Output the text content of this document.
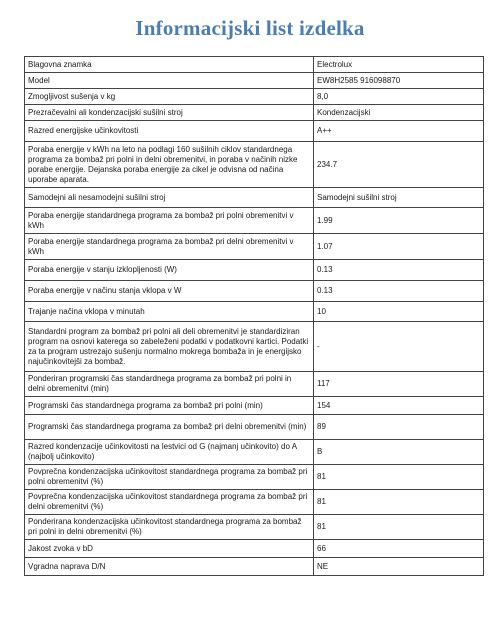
Informacijski list izdelka
Blagovna znamka	Electrolux
Model	EW8H2585 916098870
Zmogljivost sušenja v kg	8,0
Prezračevalni ali kondenzacijski sušilni stroj	Kondenzacijski
Razred energijske učinkovitosti	A++
Poraba energije v kWh na leto na podlagi 160 sušilnih ciklov standardnega programa za bombaž pri polni in delni obremenitvi, in poraba v načinih nizke porabe energije. Dejanska poraba energije za cikel je odvisna od načina uporabe aparata.	234.7
Samodejni ali nesamodejni sušilni stroj	Samodejni sušilni stroj
Poraba energije standardnega programa za bombaž pri polni obremenitvi v kWh	1.99
Poraba energije standardnega programa za bombaž pri delni obremenitvi v kWh	1.07
Poraba energije v stanju izklopljenosti (W)	0.13
Poraba energije v načinu stanja vklopa v W	0.13
Trajanje načina vklopa v minutah	10
Standardni program za bombaž pri polni ali deli obremenitvi je standardiziran program na osnovi katerega so zabeleženi podatki v podatkovni kartici. Podatki za ta program ustrezajo sušenju normalno mokrega bombaža in je energijsko najučinkovitejši za bombaž.	-
Ponderiran programski čas standardnega programa za bombaž pri polni in delni obremenitvi (min)	117
Programski čas standardnega programa za bombaž pri polni (min)	154
Programski čas standardnega programa za bombaž pri delni obremenitvi (min)	89
Razred kondenzacije učinkovitosti na lestvici od G (najmanj učinkovito) do A (najbolj učinkovito)	B
Povprečna kondenzacijska učinkovitost standardnega programa za bombaž pri polni obremenitvi (%)	81
Povprečna kondenzacijska učinkovitost standardnega programa za bombaž pri delni obremenitvi (%)	81
Ponderirana kondenzacijska učinkovitost standardnega programa za bombaž pri polni in delni obremenitvi (%)	81
Jakost zvoka v bD	66
Vgradna naprava D/N	NE
